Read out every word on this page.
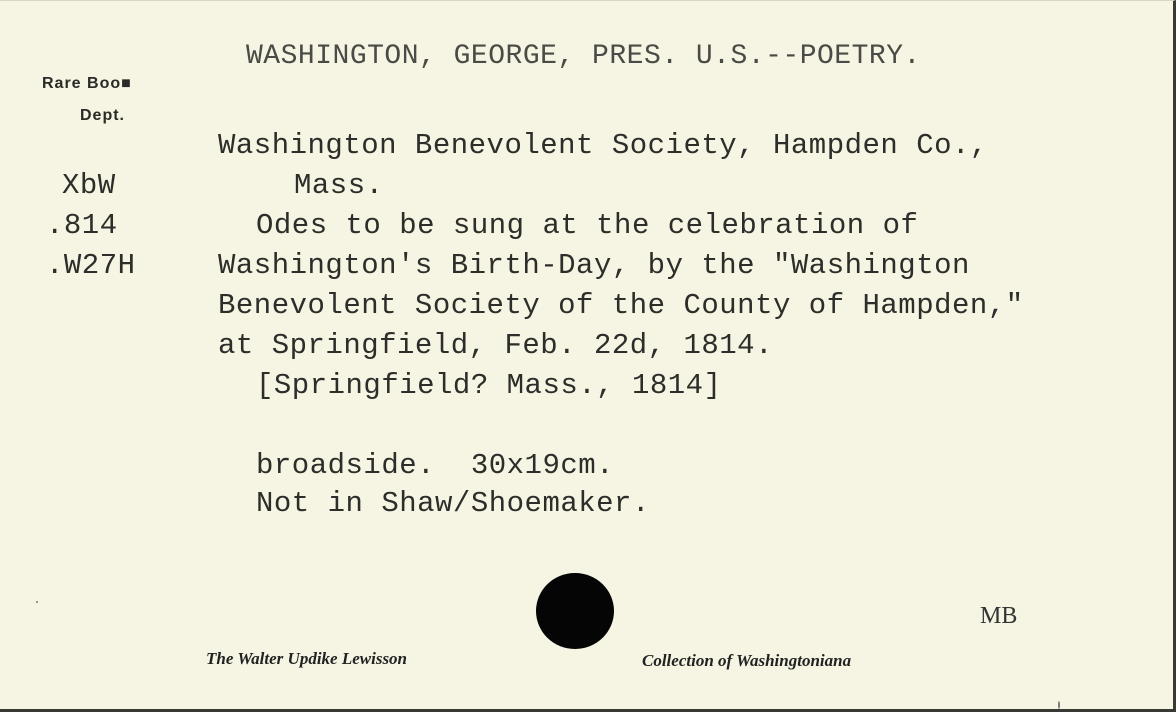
WASHINGTON, GEORGE, PRES. U.S.--POETRY.
Rare Boo■
Dept.
XbW
.814
.W27H
Washington Benevolent Society, Hampden Co.,
Mass.
Odes to be sung at the celebration of
Washington's Birth-Day, by the "Washington
Benevolent Society of the County of Hampden,"
at Springfield, Feb. 22d, 1814.
[Springfield? Mass., 1814]
broadside.  30x19cm.
Not in Shaw/Shoemaker.
MB
The Walter Updike Lewisson	Collection of Washingtoniana
